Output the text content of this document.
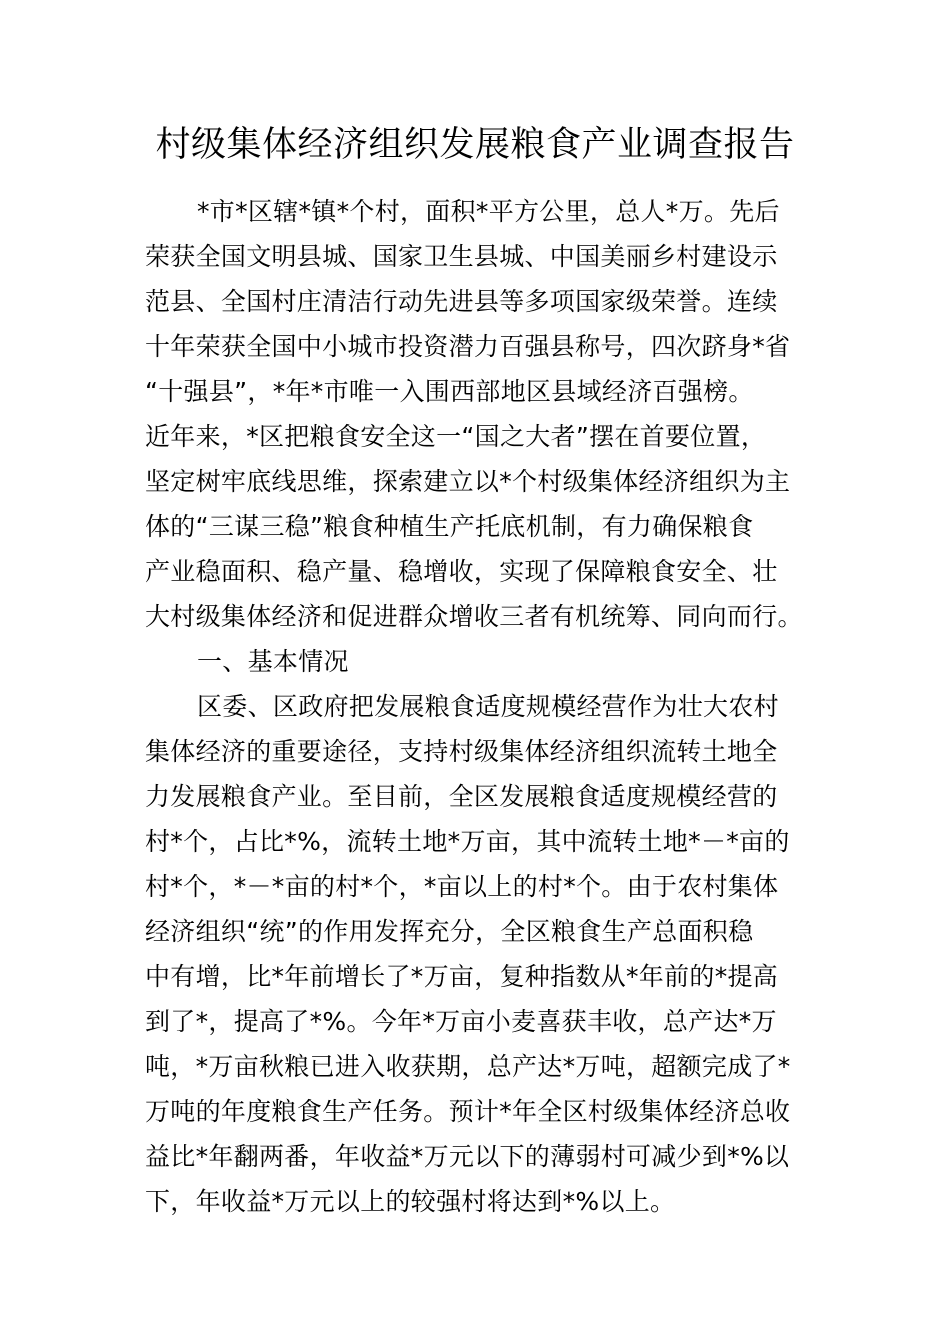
村级集体经济组织发展粮食产业调查报告
*市*区辖*镇*个村，面积*平方公里，总人*万。先后
荣获全国文明县城、国家卫生县城、中国美丽乡村建设示
范县、全国村庄清洁行动先进县等多项国家级荣誉。连续
十年荣获全国中小城市投资潜力百强县称号，四次跻身*省
“十强县”，*年*市唯一入围西部地区县域经济百强榜。
近年来，*区把粮食安全这一“国之大者”摆在首要位置，
坚定树牢底线思维，探索建立以*个村级集体经济组织为主
体的“三谋三稳”粮食种植生产托底机制，有力确保粮食
产业稳面积、稳产量、稳增收，实现了保障粮食安全、壮
大村级集体经济和促进群众增收三者有机统筹、同向而行。
一、基本情况
区委、区政府把发展粮食适度规模经营作为壮大农村
集体经济的重要途径，支持村级集体经济组织流转土地全
力发展粮食产业。至目前，全区发展粮食适度规模经营的
村*个，占比*%，流转土地*万亩，其中流转土地*－*亩的
村*个，*－*亩的村*个，*亩以上的村*个。由于农村集体
经济组织“统”的作用发挥充分，全区粮食生产总面积稳
中有增，比*年前增长了*万亩，复种指数从*年前的*提高
到了*，提高了*%。今年*万亩小麦喜获丰收，总产达*万
吨，*万亩秋粮已进入收获期，总产达*万吨，超额完成了*
万吨的年度粮食生产任务。预计*年全区村级集体经济总收
益比*年翻两番，年收益*万元以下的薄弱村可减少到*%以
下，年收益*万元以上的较强村将达到*%以上。
